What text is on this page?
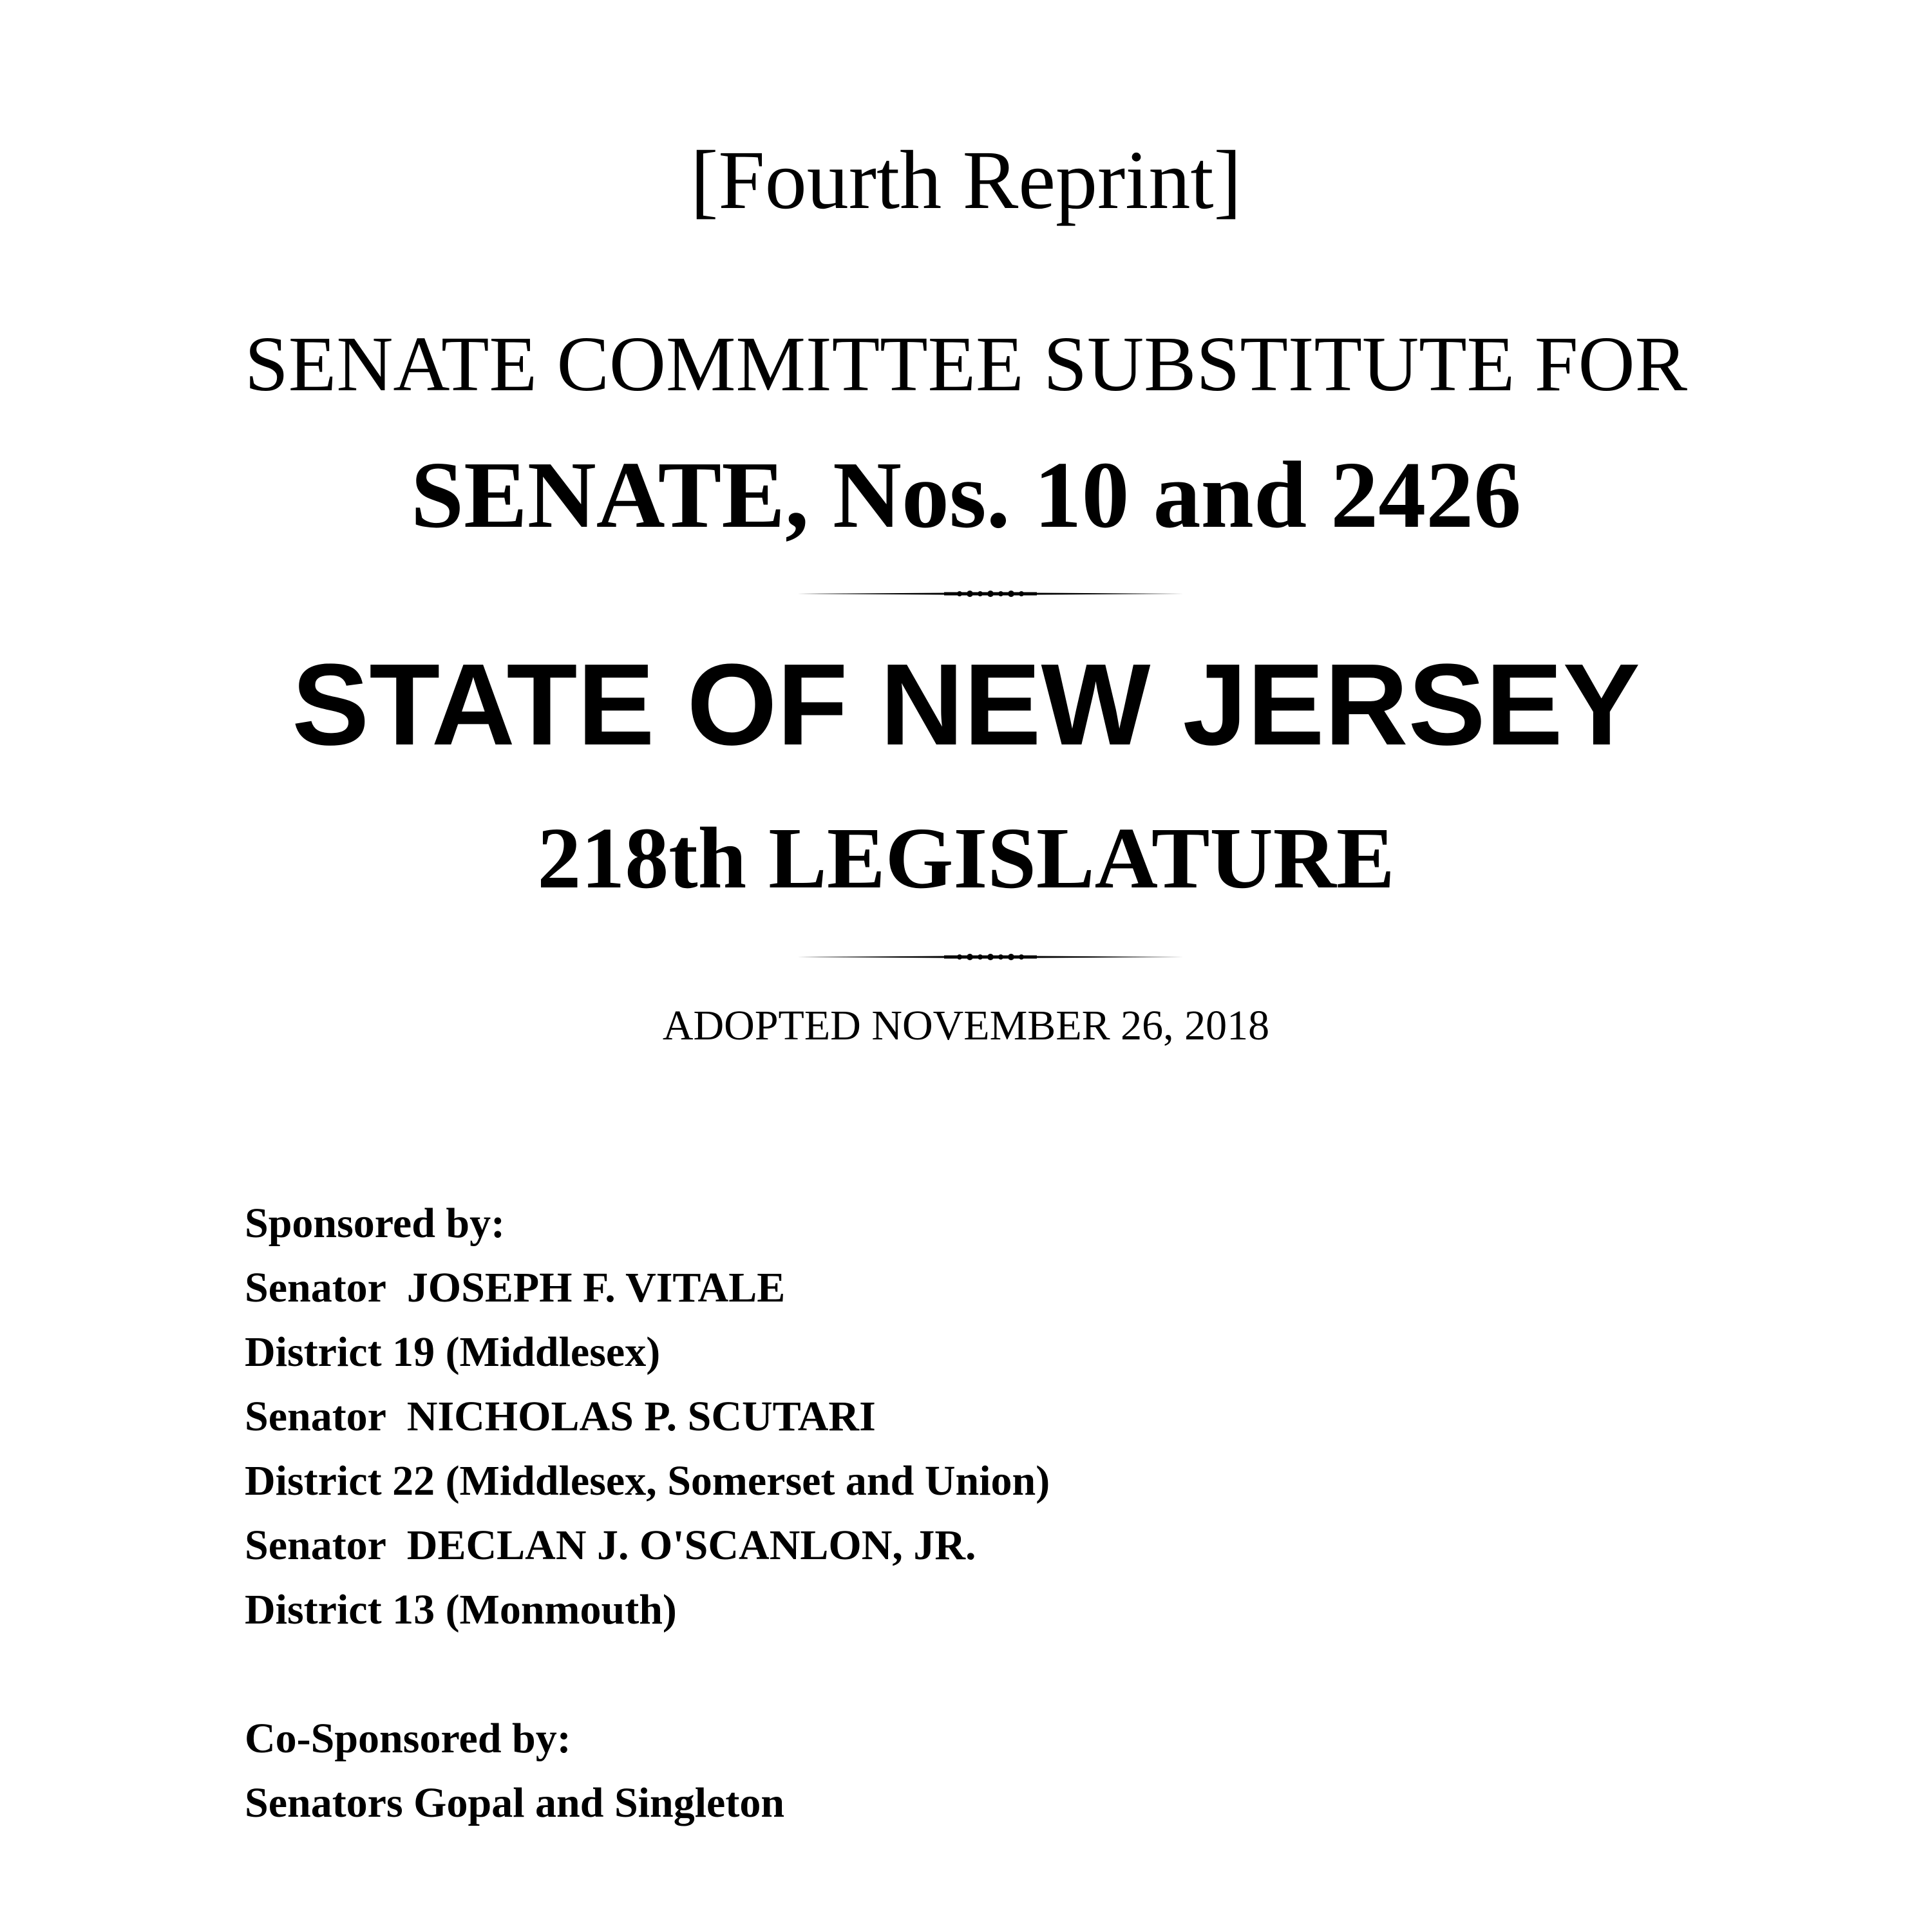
[Fourth Reprint]
SENATE COMMITTEE SUBSTITUTE FOR
SENATE, Nos. 10 and 2426
STATE OF NEW JERSEY
218th LEGISLATURE
ADOPTED NOVEMBER 26, 2018
Sponsored by:
Senator  JOSEPH F. VITALE
District 19 (Middlesex)
Senator  NICHOLAS P. SCUTARI
District 22 (Middlesex, Somerset and Union)
Senator  DECLAN J. O'SCANLON, JR.
District 13 (Monmouth)
Co-Sponsored by:
Senators Gopal and Singleton
